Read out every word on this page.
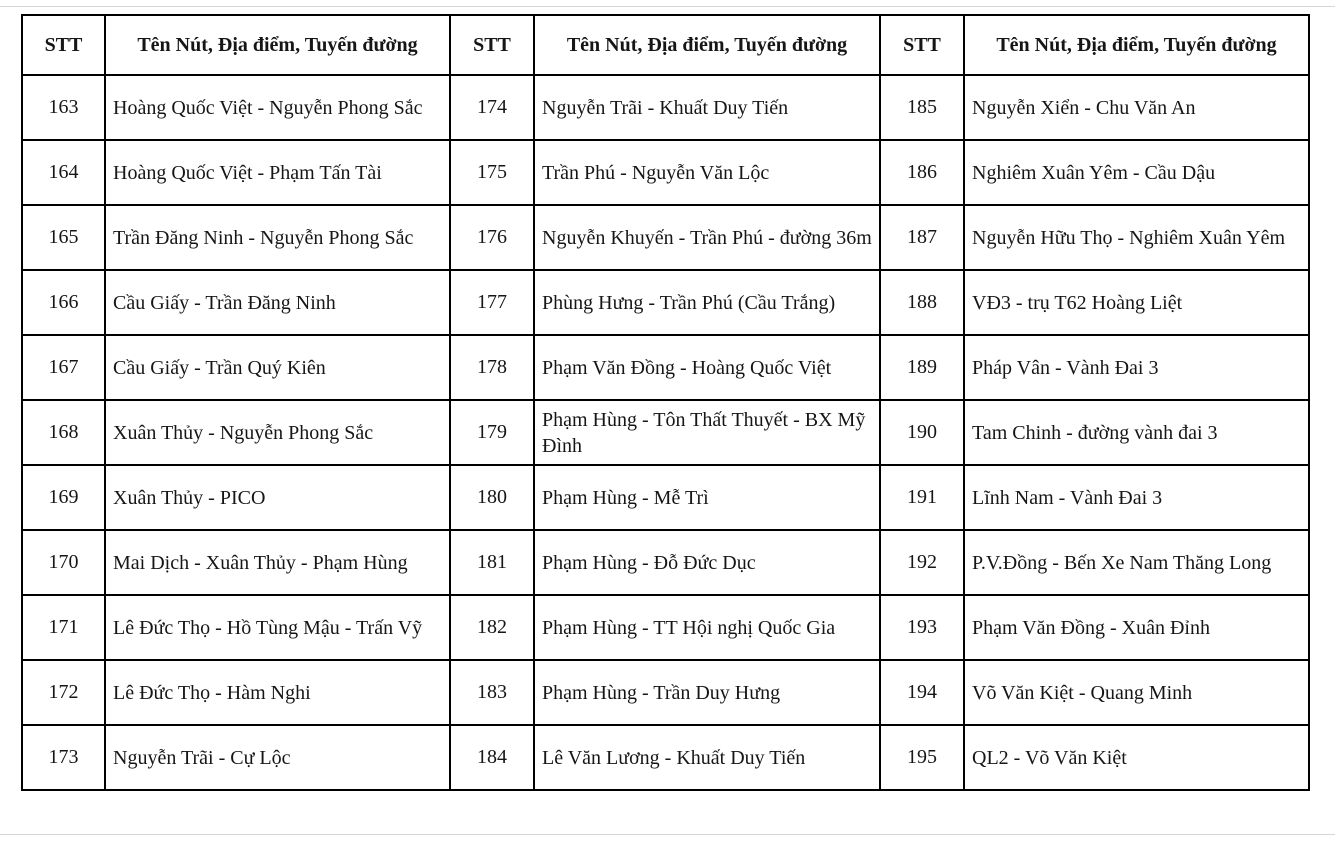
STT	Tên Nút, Địa điểm, Tuyến đường	STT	Tên Nút, Địa điểm, Tuyến đường	STT	Tên Nút, Địa điểm, Tuyến đường
163	Hoàng Quốc Việt - Nguyễn Phong Sắc	174	Nguyễn Trãi - Khuất Duy Tiến	185	Nguyễn Xiển - Chu Văn An
164	Hoàng Quốc Việt - Phạm Tấn Tài	175	Trần Phú - Nguyễn Văn Lộc	186	Nghiêm Xuân Yêm - Cầu Dậu
165	Trần Đăng Ninh - Nguyễn Phong Sắc	176	Nguyễn Khuyến - Trần Phú - đường 36m	187	Nguyễn Hữu Thọ - Nghiêm Xuân Yêm
166	Cầu Giấy - Trần Đăng Ninh	177	Phùng Hưng - Trần Phú (Cầu Trắng)	188	VĐ3 - trụ T62 Hoàng Liệt
167	Cầu Giấy - Trần Quý Kiên	178	Phạm Văn Đồng - Hoàng Quốc Việt	189	Pháp Vân - Vành Đai 3
168	Xuân Thủy - Nguyễn Phong Sắc	179	Phạm Hùng - Tôn Thất Thuyết - BX Mỹ Đình	190	Tam Chinh - đường vành đai 3
169	Xuân Thủy - PICO	180	Phạm Hùng - Mễ Trì	191	Lĩnh Nam - Vành Đai 3
170	Mai Dịch - Xuân Thủy - Phạm Hùng	181	Phạm Hùng - Đỗ Đức Dục	192	P.V.Đồng - Bến Xe Nam Thăng Long
171	Lê Đức Thọ - Hồ Tùng Mậu - Trấn Vỹ	182	Phạm Hùng - TT Hội nghị Quốc Gia	193	Phạm Văn Đồng - Xuân Đỉnh
172	Lê Đức Thọ - Hàm Nghi	183	Phạm Hùng - Trần Duy Hưng	194	Võ Văn Kiệt - Quang Minh
173	Nguyễn Trãi - Cự Lộc	184	Lê Văn Lương - Khuất Duy Tiến	195	QL2 - Võ Văn Kiệt
